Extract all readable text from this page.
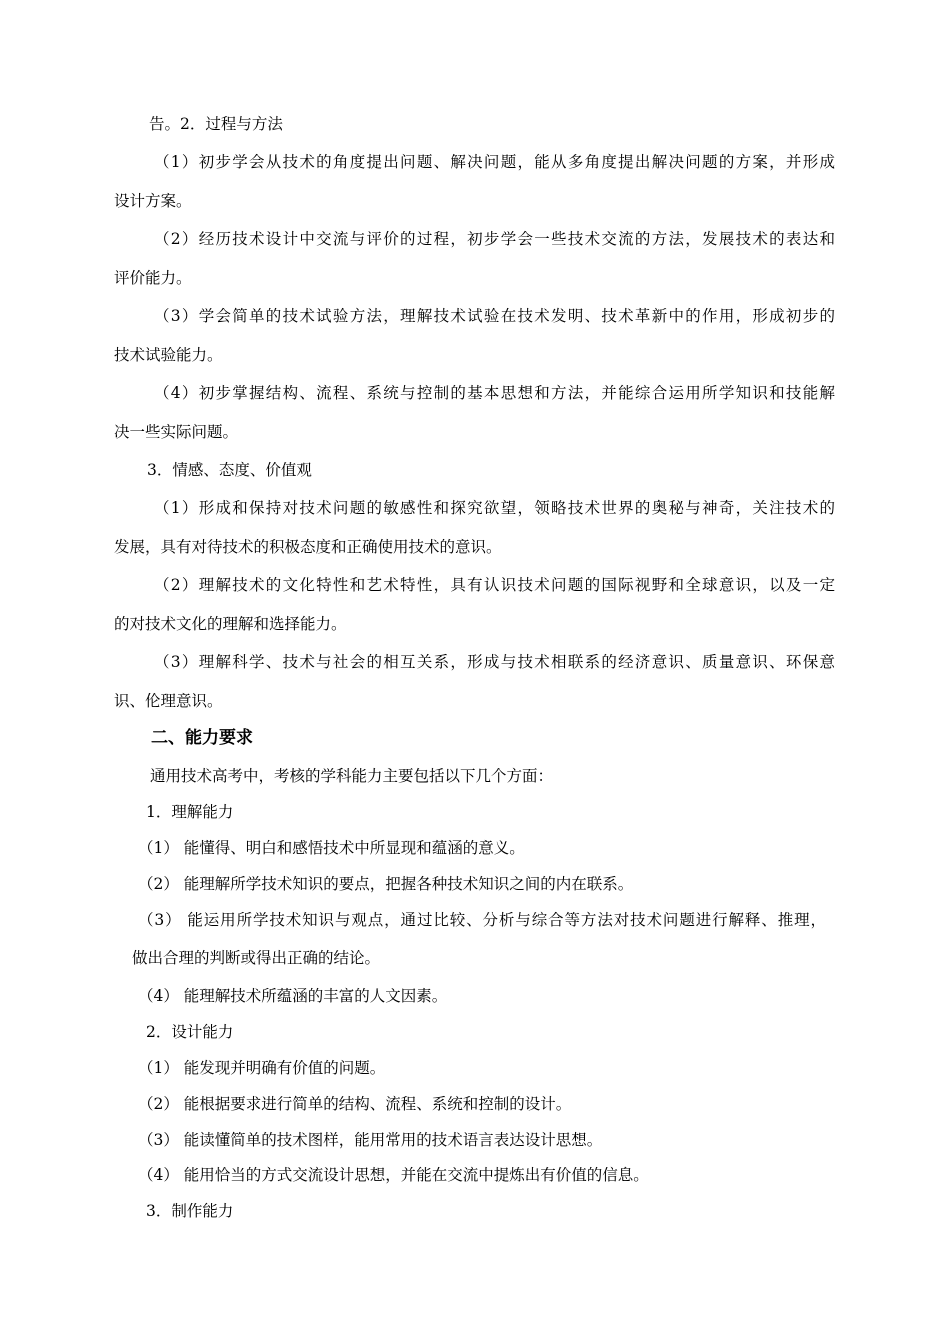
告。2．过程与方法
（1）初步学会从技术的角度提出问题、解决问题，能从多角度提出解决问题的方案，并形成
设计方案。
（2）经历技术设计中交流与评价的过程，初步学会一些技术交流的方法，发展技术的表达和
评价能力。
（3）学会简单的技术试验方法，理解技术试验在技术发明、技术革新中的作用，形成初步的
技术试验能力。
（4）初步掌握结构、流程、系统与控制的基本思想和方法，并能综合运用所学知识和技能解
决一些实际问题。
3．情感、态度、价值观
（1）形成和保持对技术问题的敏感性和探究欲望，领略技术世界的奥秘与神奇，关注技术的
发展，具有对待技术的积极态度和正确使用技术的意识。
（2）理解技术的文化特性和艺术特性，具有认识技术问题的国际视野和全球意识，以及一定
的对技术文化的理解和选择能力。
（3）理解科学、技术与社会的相互关系，形成与技术相联系的经济意识、质量意识、环保意
识、伦理意识。
二、能力要求
通用技术高考中，考核的学科能力主要包括以下几个方面：
1．理解能力
（1） 能懂得、明白和感悟技术中所显现和蕴涵的意义。
（2） 能理解所学技术知识的要点，把握各种技术知识之间的内在联系。
（3） 能运用所学技术知识与观点，通过比较、分析与综合等方法对技术问题进行解释、推理，
做出合理的判断或得出正确的结论。
（4） 能理解技术所蕴涵的丰富的人文因素。
2．设计能力
（1） 能发现并明确有价值的问题。
（2） 能根据要求进行简单的结构、流程、系统和控制的设计。
（3） 能读懂简单的技术图样，能用常用的技术语言表达设计思想。
（4） 能用恰当的方式交流设计思想，并能在交流中提炼出有价值的信息。
3．制作能力
